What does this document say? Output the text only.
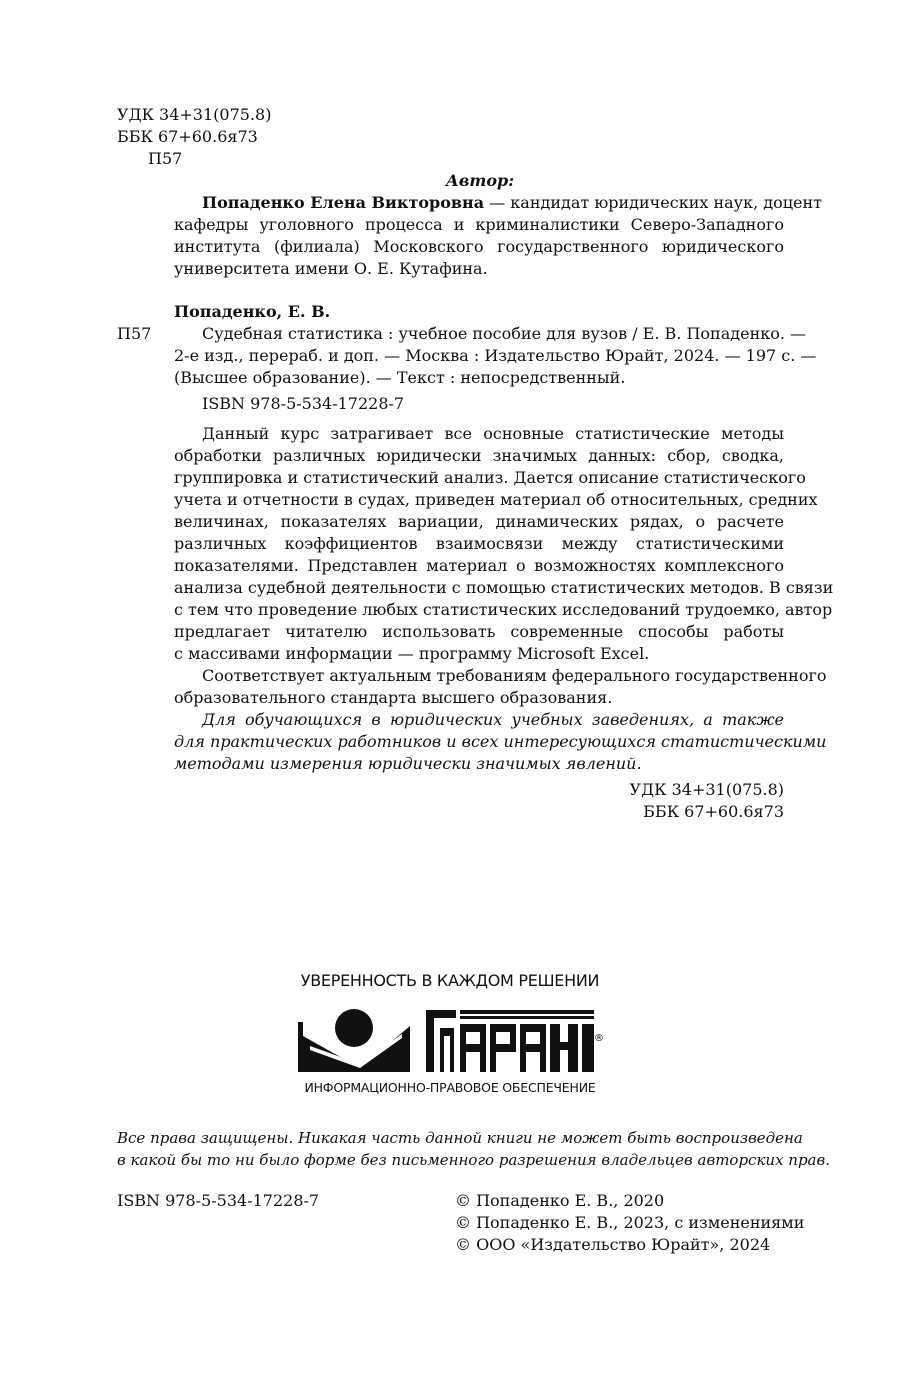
УДК 34+31(075.8)
ББК 67+60.6я73
П57
Автор:
Попаденко Елена Викторовна — кандидат юридических наук, доцент
кафедры уголовного процесса и криминалистики Северо-Западного
института (филиала) Московского государственного юридического
университета имени О. Е. Кутафина.
Попаденко, Е. В.
П57	Судебная статистика : учебное пособие для вузов / Е. В. Попаденко. —
2-е изд., перераб. и доп. — Москва : Издательство Юрайт, 2024. — 197 с. —
(Высшее образование). — Текст : непосредственный.
ISBN 978-5-534-17228-7
Данный курс затрагивает все основные статистические методы
обработки различных юридически значимых данных: сбор, сводка,
группировка и статистический анализ. Дается описание статистического
учета и отчетности в судах, приведен материал об относительных, средних
величинах, показателях вариации, динамических рядах, о расчете
различных коэффициентов взаимосвязи между статистическими
показателями. Представлен материал о возможностях комплексного
анализа судебной деятельности с помощью статистических методов. В связи
с тем что проведение любых статистических исследований трудоемко, автор
предлагает читателю использовать современные способы работы
с массивами информации — программу Microsoft Excel.
Соответствует актуальным требованиям федерального государственного
образовательного стандарта высшего образования.
Для обучающихся в юридических учебных заведениях, а также
для практических работников и всех интересующихся статистическими
методами измерения юридически значимых явлений.
УДК 34+31(075.8)
ББК 67+60.6я73
УВЕРЕННОСТЬ В КАЖДОМ РЕШЕНИИ
®
ИНФОРМАЦИОННО-ПРАВОВОЕ ОБЕСПЕЧЕНИЕ
Все права защищены. Никакая часть данной книги не может быть воспроизведена
в какой бы то ни было форме без письменного разрешения владельцев авторских прав.
ISBN 978-5-534-17228-7	© Попаденко Е. В., 2020
© Попаденко Е. В., 2023, с изменениями
© ООО «Издательство Юрайт», 2024
